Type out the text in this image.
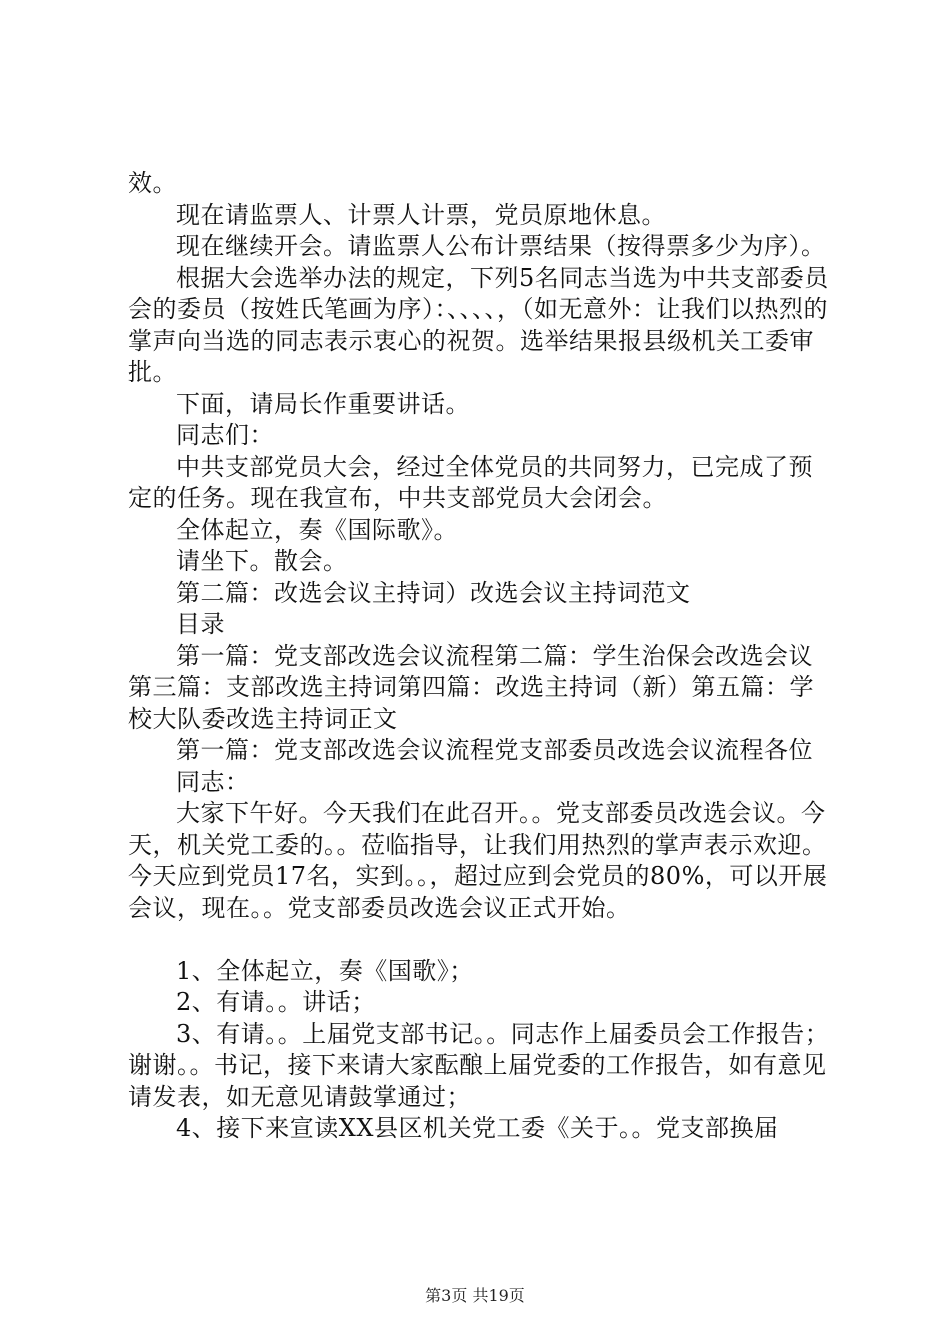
效。

现在请监票人、计票人计票，党员原地休息。

现在继续开会。请监票人公布计票结果（按得票多少为序）。

根据大会选举办法的规定，下列5名同志当选为中共支部委员会的委员（按姓氏笔画为序）：、、、、，（如无意外：让我们以热烈的掌声向当选的同志表示衷心的祝贺。选举结果报县级机关工委审批。

下面，请局长作重要讲话。

同志们：

中共支部党员大会，经过全体党员的共同努力，已完成了预定的任务。现在我宣布，中共支部党员大会闭会。

全体起立，奏《国际歌》。

请坐下。散会。

第二篇：改选会议主持词）改选会议主持词范文

目录

第一篇：党支部改选会议流程第二篇：学生治保会改选会议第三篇：支部改选主持词第四篇：改选主持词（新）第五篇：学校大队委改选主持词正文

第一篇：党支部改选会议流程党支部委员改选会议流程各位

同志：

大家下午好。今天我们在此召开。。党支部委员改选会议。今天，机关党工委的。。莅临指导，让我们用热烈的掌声表示欢迎。今天应到党员17名，实到。。，超过应到会党员的80%，可以开展会议，现在。。党支部委员改选会议正式开始。

1、全体起立，奏《国歌》；

2、有请。。讲话；

3、有请。。上届党支部书记。。同志作上届委员会工作报告；谢谢。。书记，接下来请大家酝酿上届党委的工作报告，如有意见请发表，如无意见请鼓掌通过；

4、接下来宣读XX县区机关党工委《关于。。党支部换届

第3页 共19页
